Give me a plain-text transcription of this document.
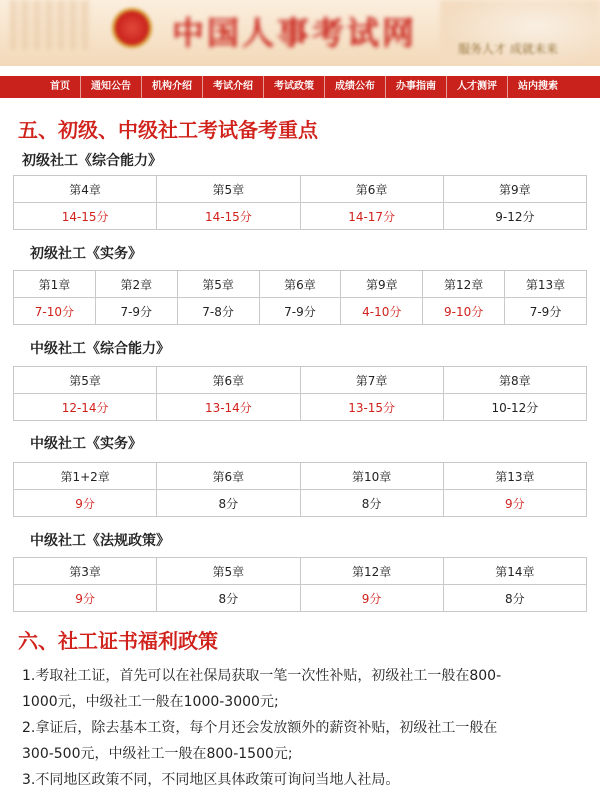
中国人事考试网	服务人才 成就未来
首页	通知公告	机构介绍	考试介绍	考试政策	成绩公布	办事指南	人才测评	站内搜索
五、初级、中级社工考试备考重点
初级社工《综合能力》
第4章	第5章	第6章	第9章
14-15分	14-15分	14-17分	9-12分
初级社工《实务》
第1章	第2章	第5章	第6章	第9章	第12章	第13章
7-10分	7-9分	7-8分	7-9分	4-10分	9-10分	7-9分
中级社工《综合能力》
第5章	第6章	第7章	第8章
12-14分	13-14分	13-15分	10-12分
中级社工《实务》
第1+2章	第6章	第10章	第13章
9分	8分	8分	9分
中级社工《法规政策》
第3章	第5章	第12章	第14章
9分	8分	9分	8分
六、社工证书福利政策

1.考取社工证，首先可以在社保局获取一笔一次性补贴，初级社工一般在800-

1000元，中级社工一般在1000-3000元;

2.拿证后，除去基本工资，每个月还会发放额外的薪资补贴，初级社工一般在

300-500元，中级社工一般在800-1500元;

3.不同地区政策不同，不同地区具体政策可询问当地人社局。
